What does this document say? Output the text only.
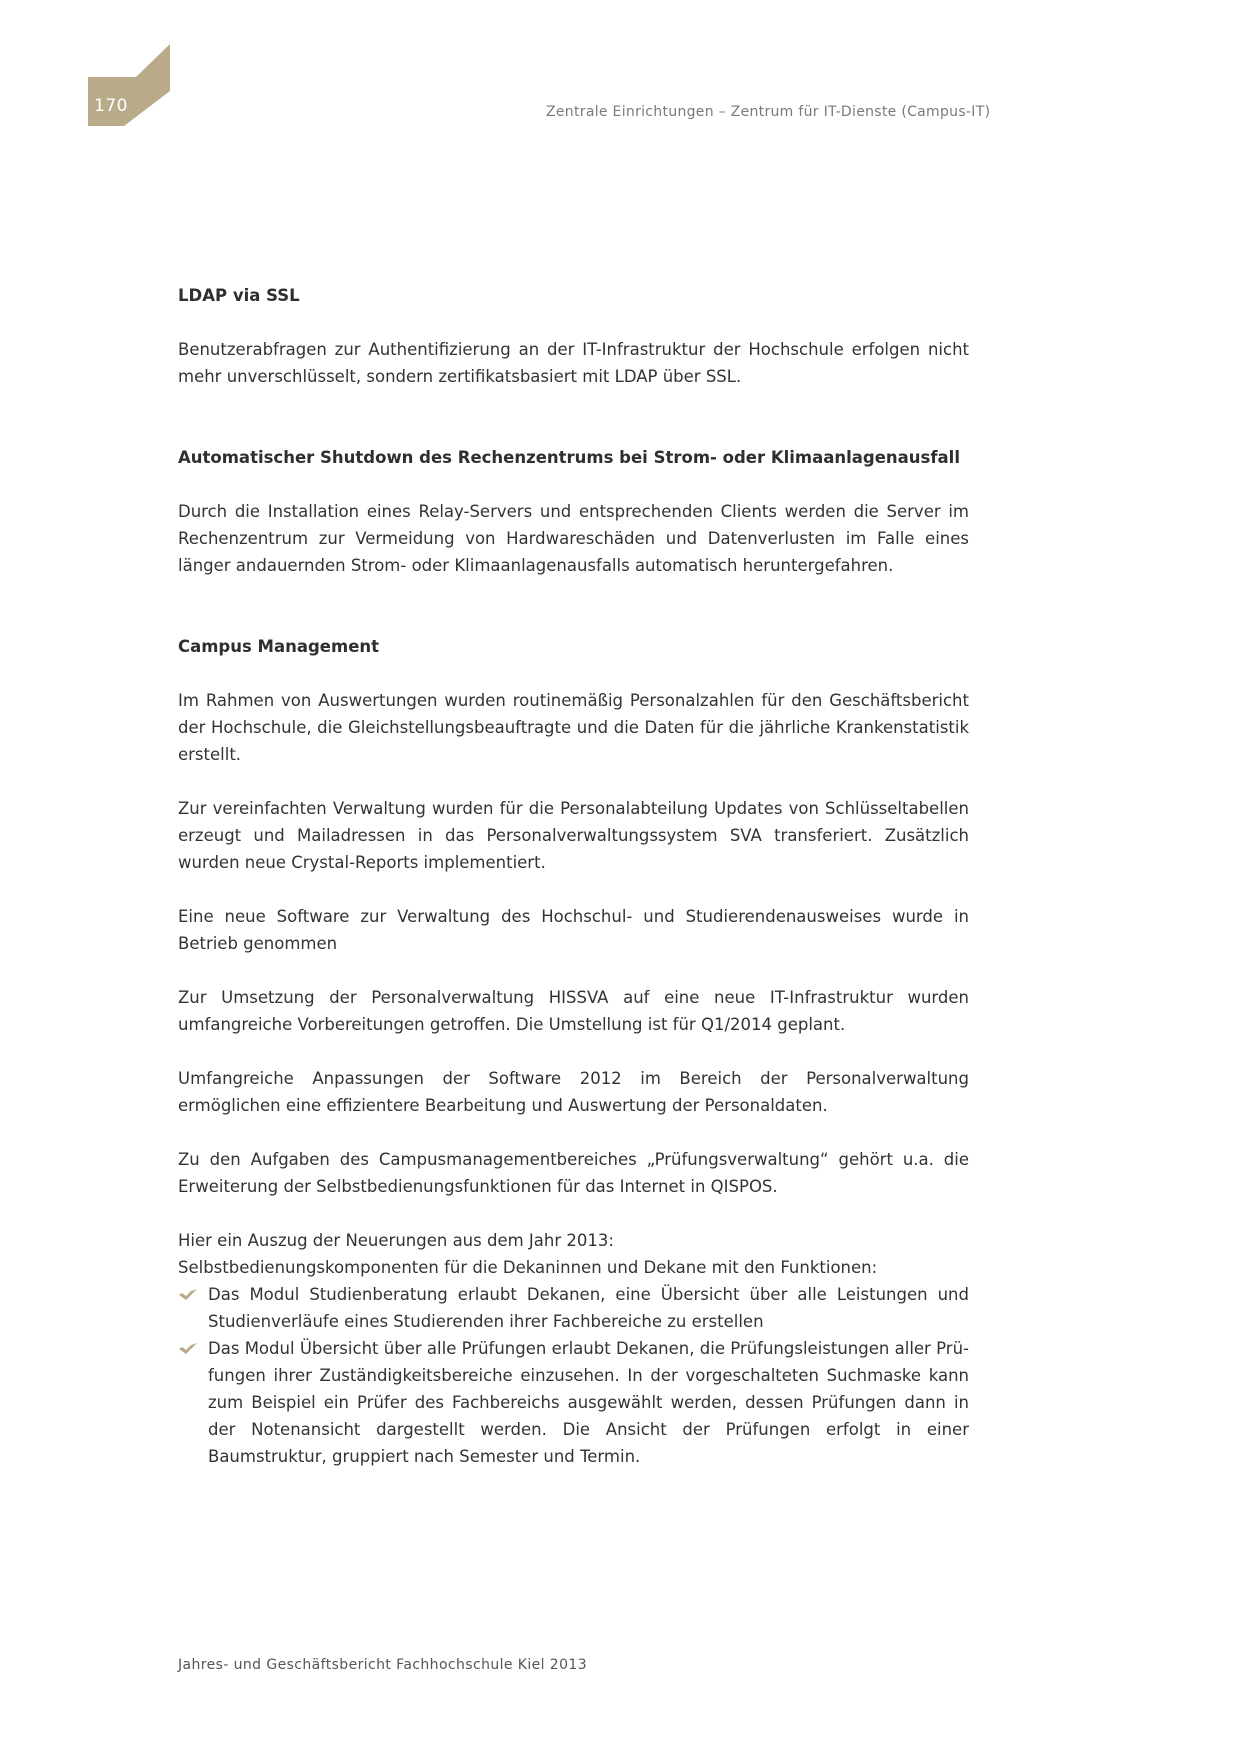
170	Zentrale Einrichtungen – Zentrum für IT-Dienste (Campus-IT)
LDAP via SSL

Benutzerabfragen zur Authentifizierung an der IT-Infrastruktur der Hochschule erfolgen nicht mehr unverschlüsselt, sondern zertifikatsbasiert mit LDAP über SSL.

Automatischer Shutdown des Rechenzentrums bei Strom- oder Klimaanlagenausfall

Durch die Installation eines Relay-Servers und entsprechenden Clients werden die Server im Rechenzentrum zur Vermeidung von Hardwareschäden und Datenverlusten im Falle eines länger andauernden Strom- oder Klimaanlagenausfalls automatisch heruntergefahren.

Campus Management

Im Rahmen von Auswertungen wurden routinemäßig Personalzahlen für den Geschäftsbericht der Hochschule, die Gleichstellungsbeauftragte und die Daten für die jährliche Krankenstatistik erstellt.

Zur vereinfachten Verwaltung wurden für die Personalabteilung Updates von Schlüsseltabellen erzeugt und Mailadressen in das Personalverwaltungssystem SVA transferiert. Zusätzlich wurden neue Crystal-Reports implementiert.

Eine neue Software zur Verwaltung des Hochschul- und Studierendenausweises wurde in Betrieb genommen

Zur Umsetzung der Personalverwaltung HISSVA auf eine neue IT-Infrastruktur wurden umfangreiche Vorbereitungen getroffen. Die Umstellung ist für Q1/2014 geplant.

Umfangreiche Anpassungen der Software 2012 im Bereich der Personalverwaltung ermöglichen eine effizientere Bearbeitung und Auswertung der Personaldaten.

Zu den Aufgaben des Campusmanagementbereiches „Prüfungsverwaltung“ gehört u.a. die Erweiterung der Selbstbedienungsfunktionen für das Internet in QISPOS.

Hier ein Auszug der Neuerungen aus dem Jahr 2013:

Selbstbedienungskomponenten für die Dekaninnen und Dekane mit den Funktionen:

Das Modul Studienberatung erlaubt Dekanen, eine Übersicht über alle Leistungen und Studienverläufe eines Studierenden ihrer Fachbereiche zu erstellen
Das Modul Übersicht über alle Prüfungen erlaubt Dekanen, die Prüfungsleistungen aller Prüfungen ihrer Zuständigkeitsbereiche einzusehen. In der vorgeschalteten Suchmaske kann zum Beispiel ein Prüfer des Fachbereichs ausgewählt werden, dessen Prüfungen dann in der Notenansicht dargestellt werden. Die Ansicht der Prüfungen erfolgt in einer Baumstruktur, gruppiert nach Semester und Termin.
Jahres- und Geschäftsbericht Fachhochschule Kiel 2013
